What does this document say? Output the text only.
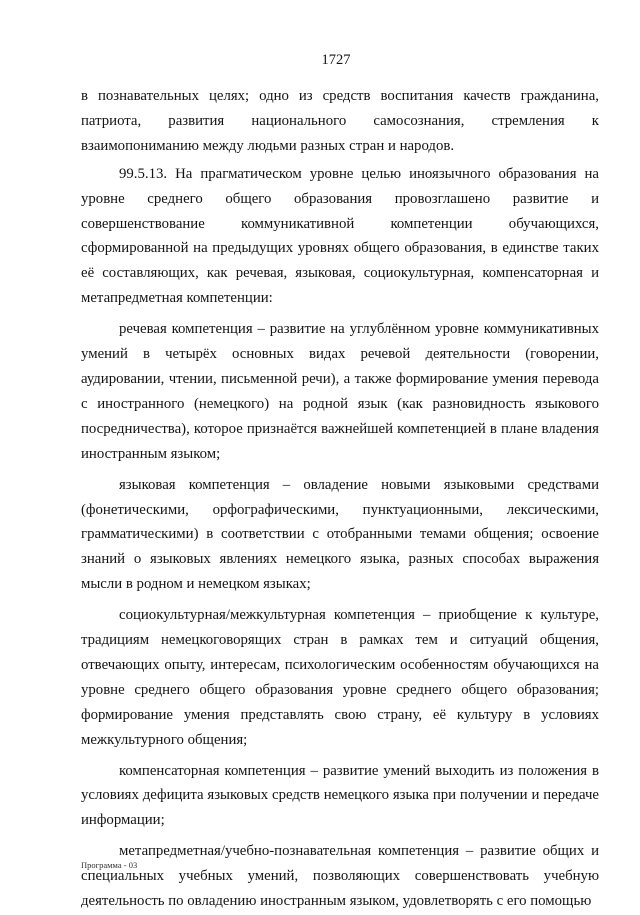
1727

в познавательных целях; одно из средств воспитания качеств гражданина, патриота, развития национального самосознания, стремления к взаимопониманию между людьми разных стран и народов.

99.5.13. На прагматическом уровне целью иноязычного образования на уровне среднего общего образования провозглашено развитие и совершенствование коммуникативной компетенции обучающихся, сформированной на предыдущих уровнях общего образования, в единстве таких её составляющих, как речевая, языковая, социокультурная, компенсаторная и метапредметная компетенции:

речевая компетенция – развитие на углублённом уровне коммуникативных умений в четырёх основных видах речевой деятельности (говорении, аудировании, чтении, письменной речи), а также формирование умения перевода с иностранного (немецкого) на родной язык (как разновидность языкового посредничества), которое признаётся важнейшей компетенцией в плане владения иностранным языком;

языковая компетенция – овладение новыми языковыми средствами (фонетическими, орфографическими, пунктуационными, лексическими, грамматическими) в соответствии с отобранными темами общения; освоение знаний о языковых явлениях немецкого языка, разных способах выражения мысли в родном и немецком языках;

социокультурная/межкультурная компетенция – приобщение к культуре, традициям немецкоговорящих стран в рамках тем и ситуаций общения, отвечающих опыту, интересам, психологическим особенностям обучающихся на уровне среднего общего образования уровне среднего общего образования; формирование умения представлять свою страну, её культуру в условиях межкультурного общения;

компенсаторная компетенция – развитие умений выходить из положения в условиях дефицита языковых средств немецкого языка при получении и передаче информации;

метапредметная/учебно-познавательная компетенция – развитие общих и специальных учебных умений, позволяющих совершенствовать учебную деятельность по овладению иностранным языком, удовлетворять с его помощью

Программа - 03
